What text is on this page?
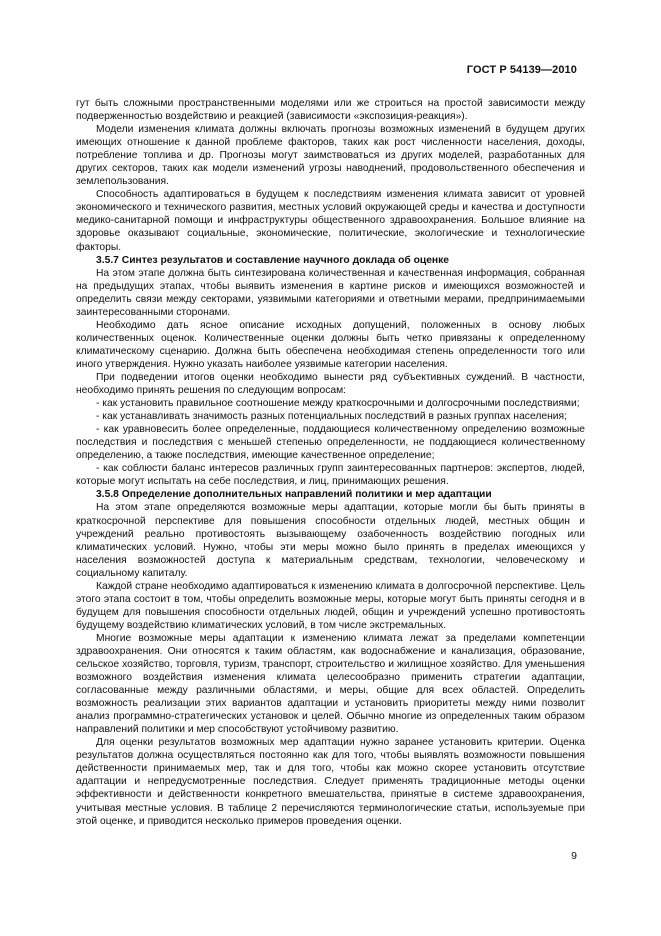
ГОСТ Р 54139—2010

гут быть сложными пространственными моделями или же строиться на простой зависимости между подверженностью воздействию и реакцией (зависимости «экспозиция-реакция»).

Модели изменения климата должны включать прогнозы возможных изменений в будущем других имеющих отношение к данной проблеме факторов, таких как рост численности населения, доходы, потребление топлива и др. Прогнозы могут заимствоваться из других моделей, разработанных для других секторов, таких как модели изменений угрозы наводнений, продовольственного обеспечения и землепользования.

Способность адаптироваться в будущем к последствиям изменения климата зависит от уровней экономического и технического развития, местных условий окружающей среды и качества и доступности медико-санитарной помощи и инфраструктуры общественного здравоохранения. Большое влияние на здоровье оказывают социальные, экономические, политические, экологические и технологические факторы.

3.5.7 Синтез результатов и составление научного доклада об оценке

На этом этапе должна быть синтезирована количественная и качественная информация, собранная на предыдущих этапах, чтобы выявить изменения в картине рисков и имеющихся возможностей и определить связи между секторами, уязвимыми категориями и ответными мерами, предпринимаемыми заинтересованными сторонами.

Необходимо дать ясное описание исходных допущений, положенных в основу любых количественных оценок. Количественные оценки должны быть четко привязаны к определенному климатическому сценарию. Должна быть обеспечена необходимая степень определенности того или иного утверждения. Нужно указать наиболее уязвимые категории населения.

При подведении итогов оценки необходимо вынести ряд субъективных суждений. В частности, необходимо принять решения по следующим вопросам:

- как установить правильное соотношение между краткосрочными и долгосрочными последствиями;

- как устанавливать значимость разных потенциальных последствий в разных группах населения;

- как уравновесить более определенные, поддающиеся количественному определению возможные последствия и последствия с меньшей степенью определенности, не поддающиеся количественному определению, а также последствия, имеющие качественное определение;

- как соблюсти баланс интересов различных групп заинтересованных партнеров: экспертов, людей, которые могут испытать на себе последствия, и лиц, принимающих решения.

3.5.8 Определение дополнительных направлений политики и мер адаптации

На этом этапе определяются возможные меры адаптации, которые могли бы быть приняты в краткосрочной перспективе для повышения способности отдельных людей, местных общин и учреждений реально противостоять вызывающему озабоченность воздействию погодных или климатических условий. Нужно, чтобы эти меры можно было принять в пределах имеющихся у населения возможностей доступа к материальным средствам, технологии, человеческому и социальному капиталу.

Каждой стране необходимо адаптироваться к изменению климата в долгосрочной перспективе. Цель этого этапа состоит в том, чтобы определить возможные меры, которые могут быть приняты сегодня и в будущем для повышения способности отдельных людей, общин и учреждений успешно противостоять будущему воздействию климатических условий, в том числе экстремальных.

Многие возможные меры адаптации к изменению климата лежат за пределами компетенции здравоохранения. Они относятся к таким областям, как водоснабжение и канализация, образование, сельское хозяйство, торговля, туризм, транспорт, строительство и жилищное хозяйство. Для уменьшения возможного воздействия изменения климата целесообразно применить стратегии адаптации, согласованные между различными областями, и меры, общие для всех областей. Определить возможность реализации этих вариантов адаптации и установить приоритеты между ними позволит анализ программно-стратегических установок и целей. Обычно многие из определенных таким образом направлений политики и мер способствуют устойчивому развитию.

Для оценки результатов возможных мер адаптации нужно заранее установить критерии. Оценка результатов должна осуществляться постоянно как для того, чтобы выявлять возможности повышения действенности принимаемых мер, так и для того, чтобы как можно скорее установить отсутствие адаптации и непредусмотренные последствия. Следует применять традиционные методы оценки эффективности и действенности конкретного вмешательства, принятые в системе здравоохранения, учитывая местные условия. В таблице 2 перечисляются терминологические статьи, используемые при этой оценке, и приводится несколько примеров проведения оценки.

9
